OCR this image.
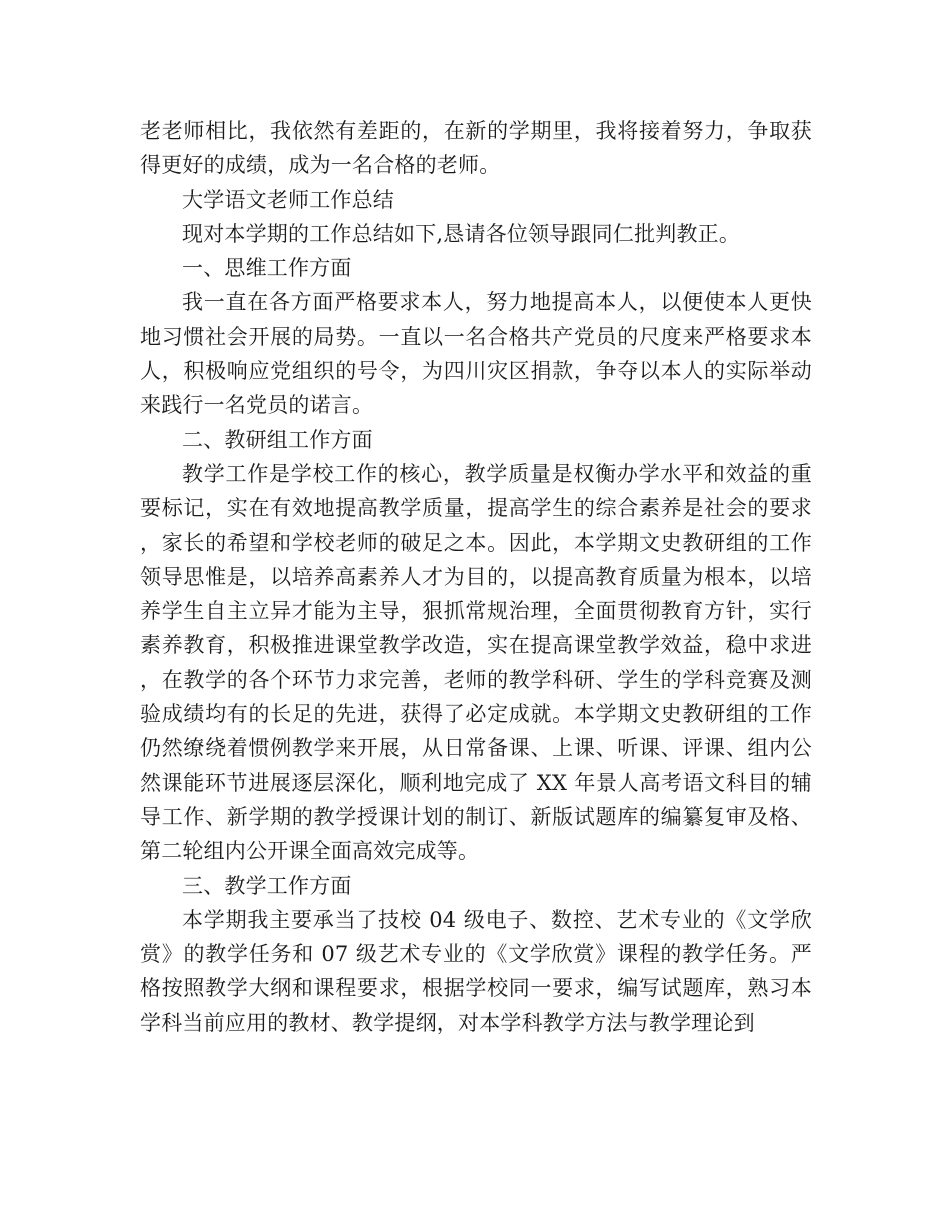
老老师相比，我依然有差距的，在新的学期里，我将接着努力，争取获得更好的成绩，成为一名合格的老师。

大学语文老师工作总结

现对本学期的工作总结如下,恳请各位领导跟同仁批判教正。

一、思维工作方面

我一直在各方面严格要求本人，努力地提高本人，以便使本人更快地习惯社会开展的局势。一直以一名合格共产党员的尺度来严格要求本人，积极响应党组织的号令，为四川灾区捐款，争夺以本人的实际举动来践行一名党员的诺言。

二、教研组工作方面

教学工作是学校工作的核心，教学质量是权衡办学水平和效益的重要标记，实在有效地提高教学质量，提高学生的综合素养是社会的要求，家长的希望和学校老师的破足之本。因此，本学期文史教研组的工作领导思惟是，以培养高素养人才为目的，以提高教育质量为根本，以培养学生自主立异才能为主导，狠抓常规治理，全面贯彻教育方针，实行素养教育，积极推进课堂教学改造，实在提高课堂教学效益，稳中求进，在教学的各个环节力求完善，老师的教学科研、学生的学科竞赛及测验成绩均有的长足的先进，获得了必定成就。本学期文史教研组的工作仍然缭绕着惯例教学来开展，从日常备课、上课、听课、评课、组内公然课能环节进展逐层深化，顺利地完成了 XX 年景人高考语文科目的辅导工作、新学期的教学授课计划的制订、新版试题库的编纂复审及格、第二轮组内公开课全面高效完成等。

三、教学工作方面

本学期我主要承当了技校 04 级电子、数控、艺术专业的《文学欣赏》的教学任务和 07 级艺术专业的《文学欣赏》课程的教学任务。严格按照教学大纲和课程要求，根据学校同一要求，编写试题库，熟习本学科当前应用的教材、教学提纲，对本学科教学方法与教学理论到
